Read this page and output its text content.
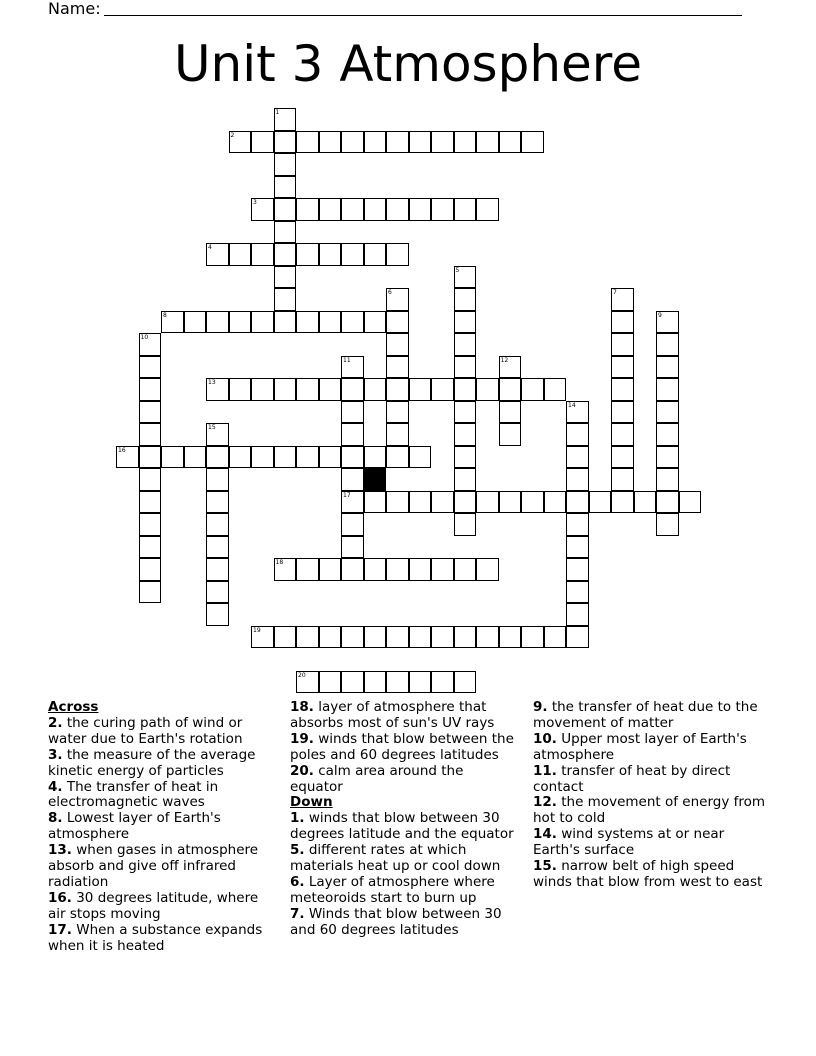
Name:
Unit 3 Atmosphere
1
2
3
4
5
6	7
8	9
10
11
17
12
13
14
15
16
18
19
20
Across
2. the curing path of wind or water due to Earth's rotation
3. the measure of the average kinetic energy of particles
4. The transfer of heat in electromagnetic waves
8. Lowest layer of Earth's atmosphere
13. when gases in atmosphere absorb and give off infrared radiation
16. 30 degrees latitude, where air stops moving
17. When a substance expands when it is heated
18. layer of atmosphere that absorbs most of sun's UV rays
19. winds that blow between the poles and 60 degrees latitudes
20. calm area around the equator
Down
1. winds that blow between 30 degrees latitude and the equator
5. different rates at which materials heat up or cool down
6. Layer of atmosphere where meteoroids start to burn up
7. Winds that blow between 30 and 60 degrees latitudes
9. the transfer of heat due to the movement of matter
10. Upper most layer of Earth's atmosphere
11. transfer of heat by direct contact
12. the movement of energy from hot to cold
14. wind systems at or near Earth's surface
15. narrow belt of high speed winds that blow from west to east
